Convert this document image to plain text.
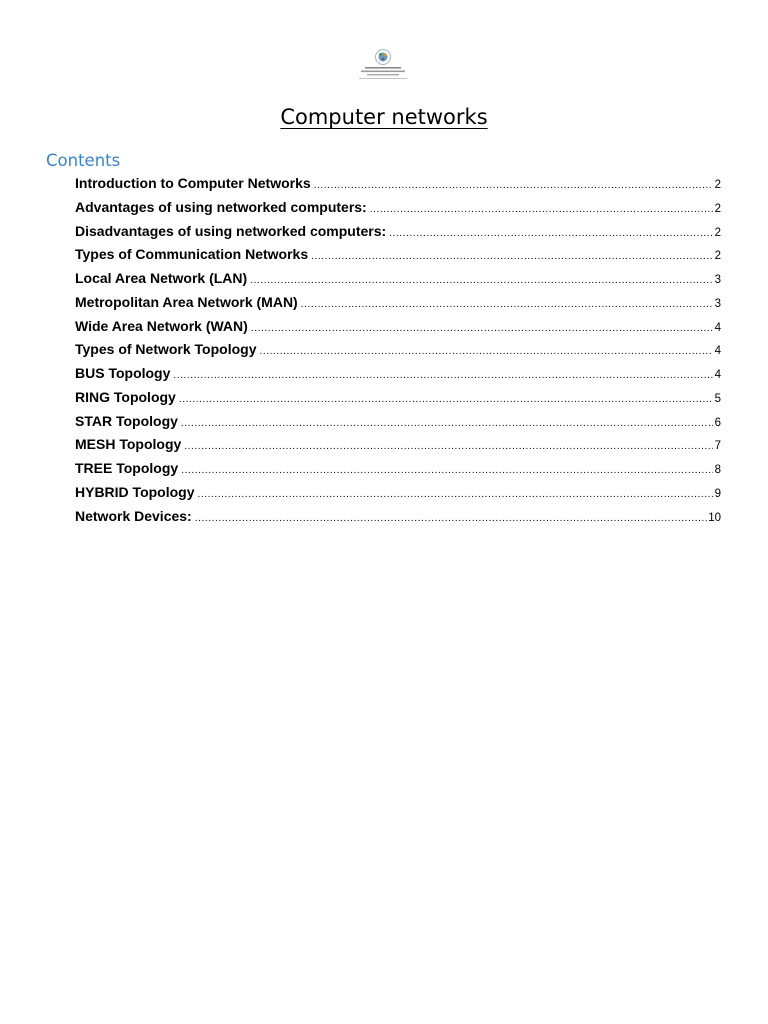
Computer networks
Contents
Introduction to Computer Networks .....	2
Advantages of using networked computers: .....	2
Disadvantages of using networked computers: .....	2
Types of Communication Networks .....	2
Local Area Network (LAN) .....	3
Metropolitan Area Network (MAN) .....	3
Wide Area Network (WAN) .....	4
Types of Network Topology .....	4
BUS Topology .....	4
RING Topology .....	5
STAR Topology .....	6
MESH Topology .....	7
TREE Topology .....	8
HYBRID Topology .....	9
Network Devices: .....	10
